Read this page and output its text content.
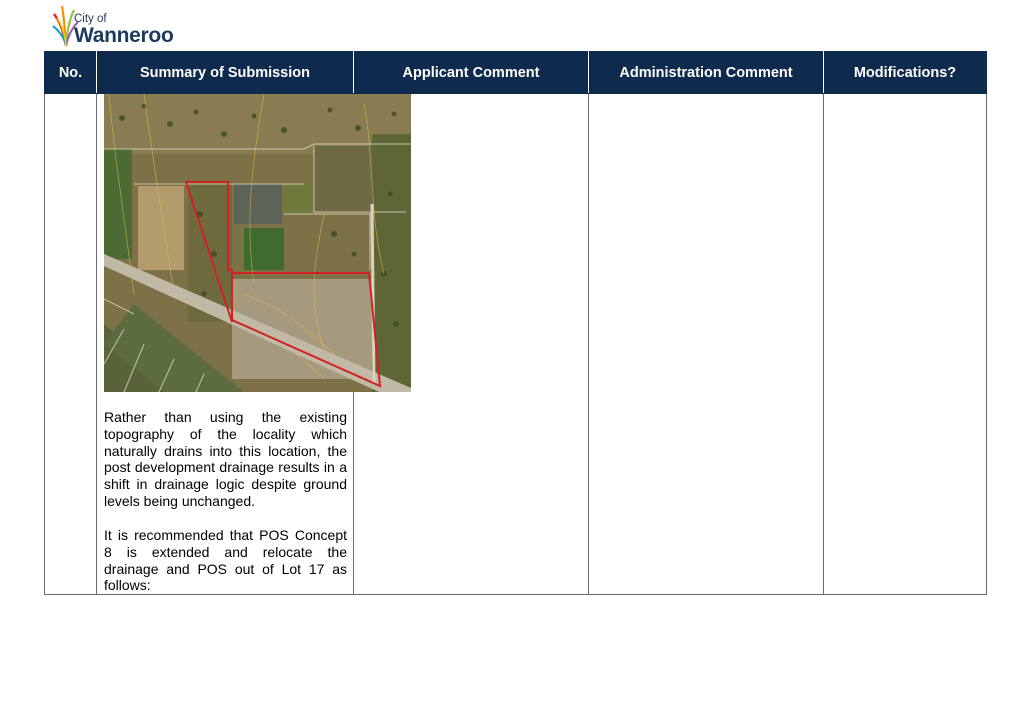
City of
Wanneroo
No.	Summary of Submission	Applicant Comment	Administration Comment	Modifications?

	Rather than using the existing topography of the locality which naturally drains into this location, the post development drainage results in a shift in drainage logic despite ground levels being unchanged.
It is recommended that POS Concept 8 is extended and relocate the drainage and POS out of Lot 17 as follows:			
